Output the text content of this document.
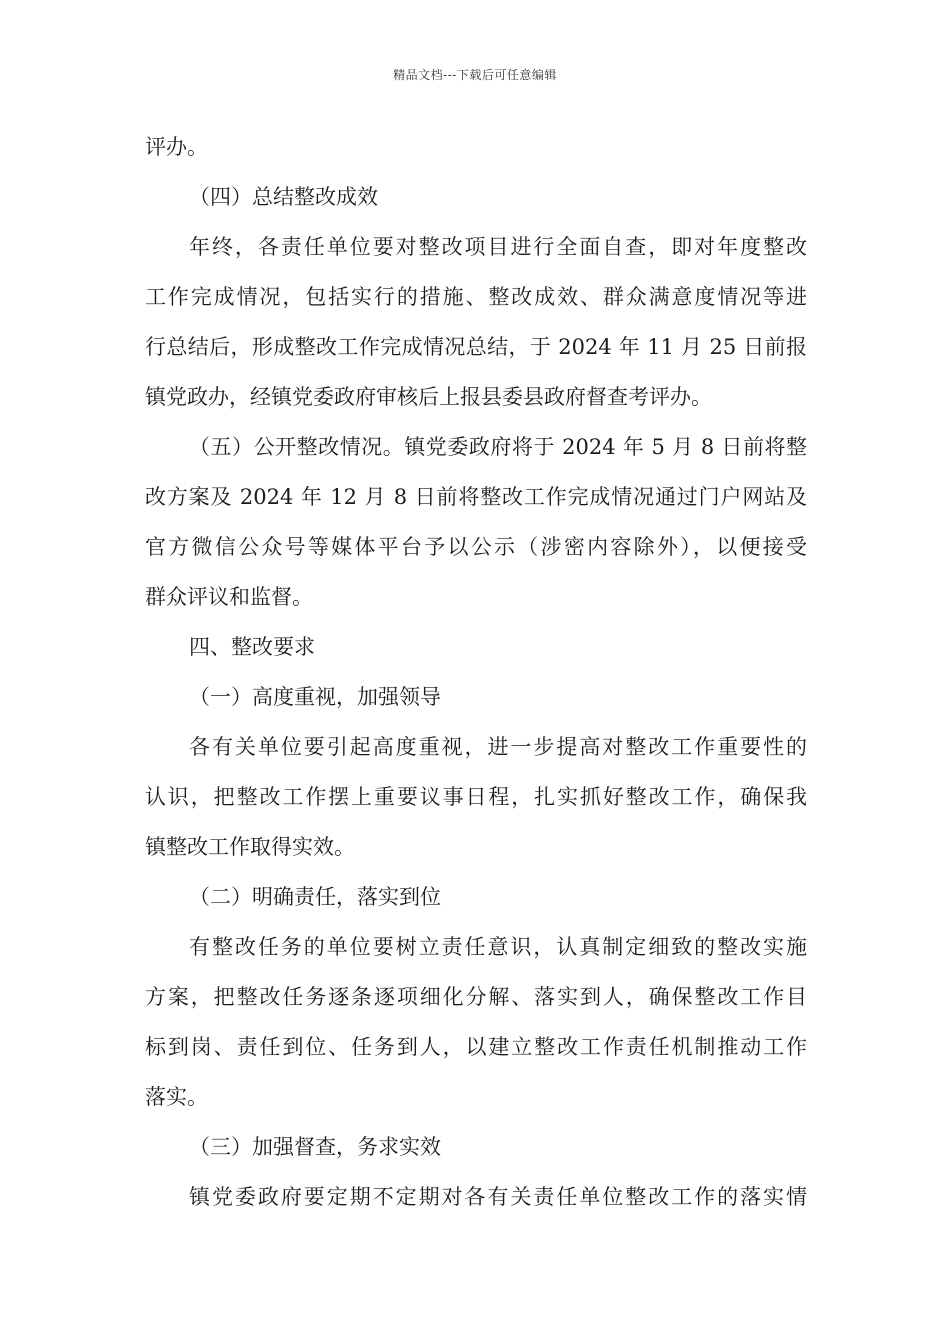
精品文档---下载后可任意编辑
评办。
（四）总结整改成效
年终，各责任单位要对整改项目进行全面自查，即对年度整改
工作完成情况，包括实行的措施、整改成效、群众满意度情况等进
行总结后，形成整改工作完成情况总结，于 2024 年 11 月 25 日前报
镇党政办，经镇党委政府审核后上报县委县政府督查考评办。
（五）公开整改情况。镇党委政府将于 2024 年 5 月 8 日前将整
改方案及 2024 年 12 月 8 日前将整改工作完成情况通过门户网站及
官方微信公众号等媒体平台予以公示（涉密内容除外），以便接受
群众评议和监督。
四、整改要求
（一）高度重视，加强领导
各有关单位要引起高度重视，进一步提高对整改工作重要性的
认识，把整改工作摆上重要议事日程，扎实抓好整改工作，确保我
镇整改工作取得实效。
（二）明确责任，落实到位
有整改任务的单位要树立责任意识，认真制定细致的整改实施
方案，把整改任务逐条逐项细化分解、落实到人，确保整改工作目
标到岗、责任到位、任务到人，以建立整改工作责任机制推动工作
落实。
（三）加强督查，务求实效
镇党委政府要定期不定期对各有关责任单位整改工作的落实情
